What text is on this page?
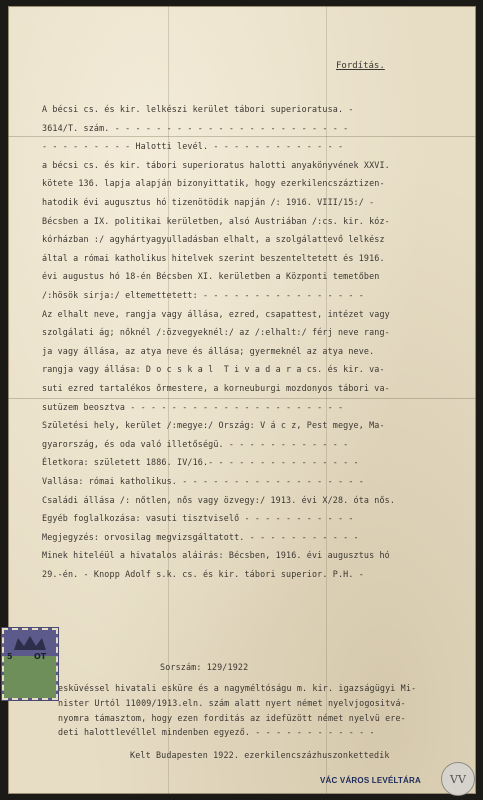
Fordítás.
A bécsi cs. és kir. lelkészi kerület tábori superioratusa. -
3614/T. szám. - - - - - - - - - - - - - - - - - - - - - - -
- - - - - - - - - Halotti levél. - - - - - - - - - - - - -
a bécsi cs. és kir. tábori superioratus halotti anyakönyvének XXVI.
kötete 136. lapja alapján bizonyittatik, hogy ezerkilencszáztizen-
hatodik évi augusztus hó tizenötödik napján /: 1916. VIII/15:/ -
Bécsben a IX. politikai kerületben, alsó Austriában /:cs. kir. kóz-
kórházban :/ agyhártyagyulladásban elhalt, a szolgálattevő lelkész
által a római katholikus hitelvek szerint beszenteltetett és 1916.
évi augustus hó 18-én Bécsben XI. kerületben a Központi temetőben
/:hösök sirja:/ eltemettetett: - - - - - - - - - - - - - - - -
Az elhalt neve, rangja vagy állása, ezred, csapattest, intézet vagy
szolgálati ág; nőknél /:özvegyeknél:/ az /:elhalt:/ férj neve rang-
ja vagy állása, az atya neve és állása; gyermeknél az atya neve.
rangja vagy állása: D o c s k a l  T i v a d a r a cs. és kir. va-
suti ezred tartalékos őrmestere, a korneuburgi mozdonyos tábori va-
sutüzem beosztva - - - - - - - - - - - - - - - - - - - - -
Születési hely, kerület /:megye:/ Ország: V á c z, Pest megye, Ma-
gyarország, és oda való illetőségü. - - - - - - - - - - - -
Életkora: született 1886. IV/16.- - - - - - - - - - - - - - -
Vallása: római katholikus. - - - - - - - - - - - - - - - - - -
Családi állása /: nőtlen, nős vagy özvegy:/ 1913. évi X/28. óta nős.
Egyéb foglalkozása: vasuti tisztviselő - - - - - - - - - - -
Megjegyzés: orvosilag megvizsgáltatott. - - - - - - - - - - -
Minek hiteléül a hivatalos aláirás: Bécsben, 1916. évi augusztus hó
29.-én. - Knopp Adolf s.k. cs. és kir. tábori superior. P.H. -
Sorszám: 129/1922
esküvéssel hivatali esküre és a nagyméltóságu m. kir. igazságügyi Mi-
nister Urtól 11009/1913.eln. szám alatt nyert német nyelvjogositvá-
nyomra támasztom, hogy ezen forditás az idefüzött német nyelvü ere-
deti halottlevéllel mindenben egyező. - - - - - - - - - - - -
Kelt Budapesten 1922. ezerkilencszázhuszonkettedik
5	OT
VÁC VÁROS LEVÉLTÁRA	VV
